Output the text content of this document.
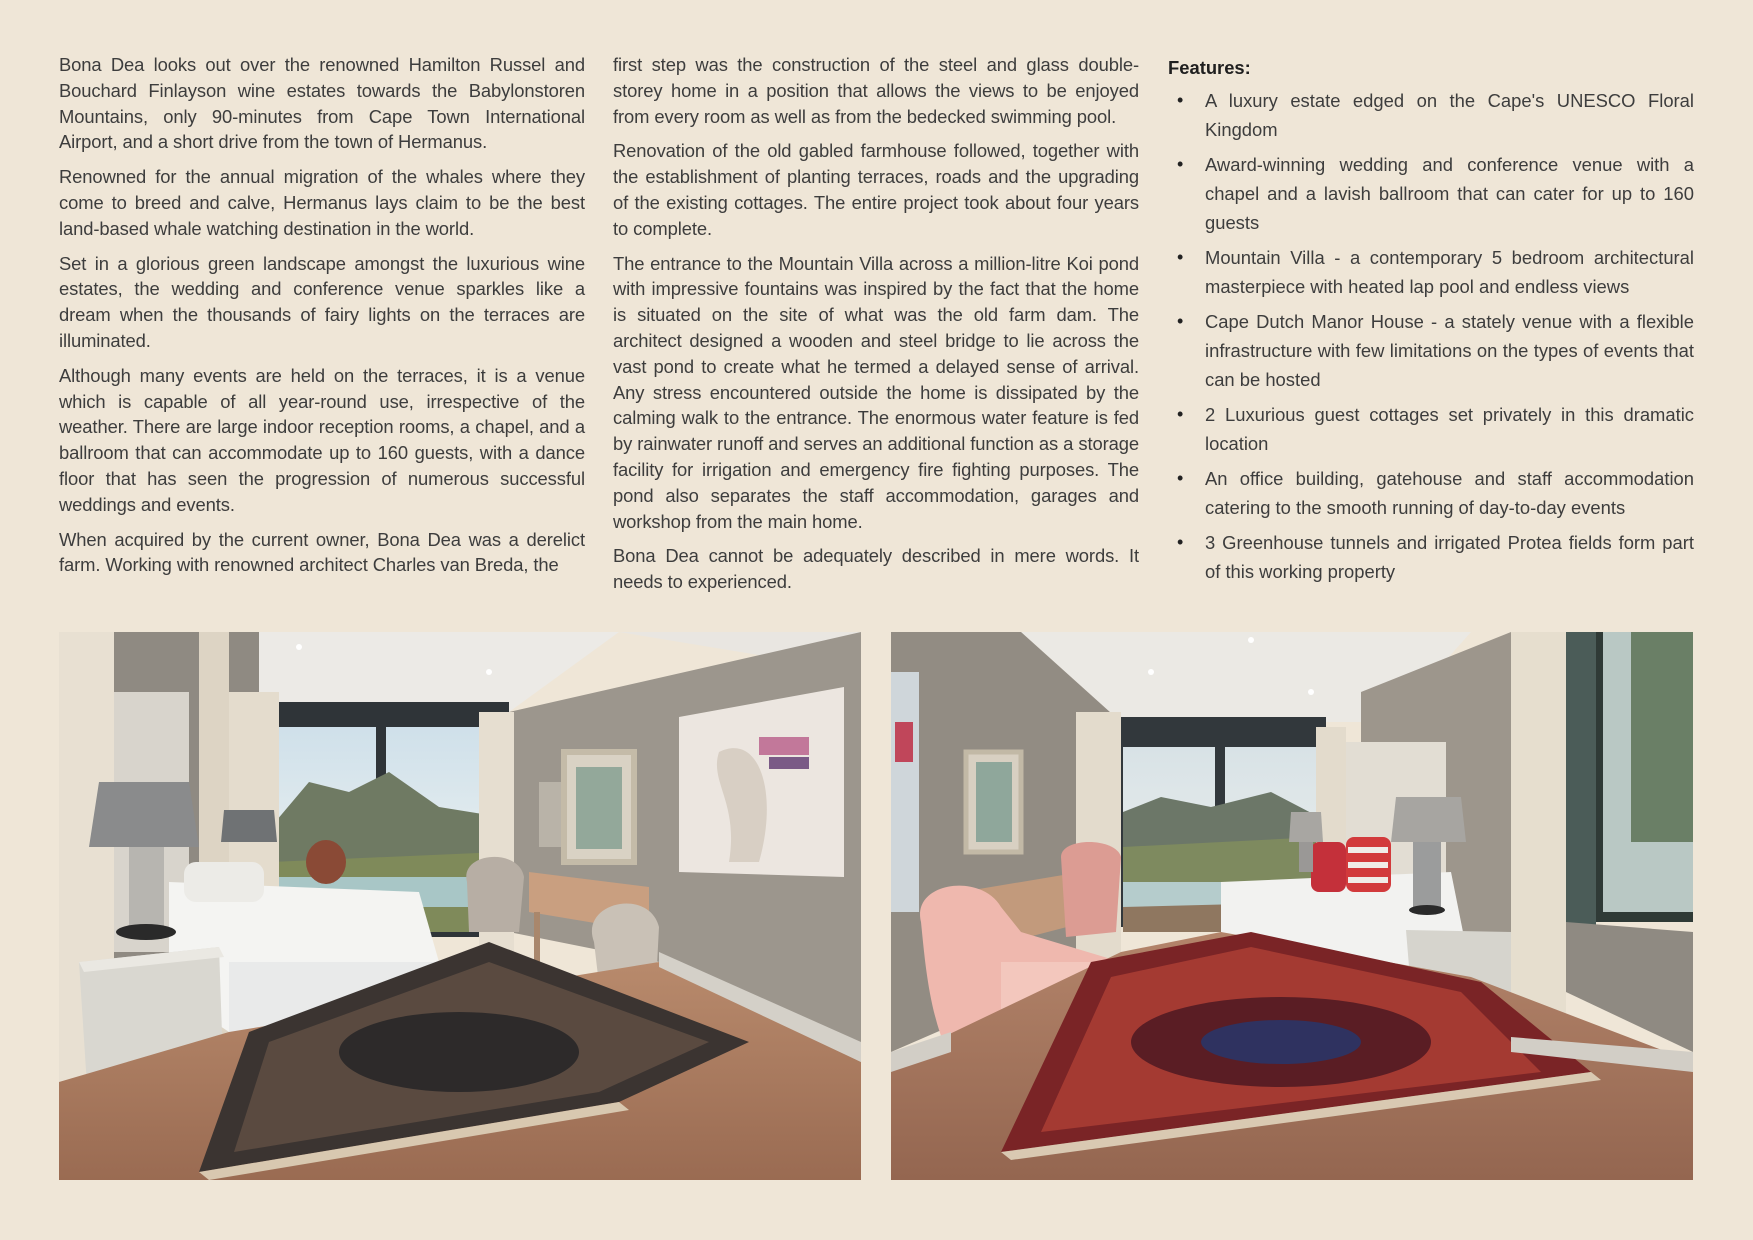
Bona Dea looks out over the renowned Hamilton Russel and Bouchard Finlayson wine estates towards the Babylonstoren Mountains, only 90-minutes from Cape Town International Airport, and a short drive from the town of Hermanus.

Renowned for the annual migration of the whales where they come to breed and calve, Hermanus lays claim to be the best land-based whale watching destination in the world.

Set in a glorious green landscape amongst the luxurious wine estates, the wedding and conference venue sparkles like a dream when the thousands of fairy lights on the terraces are illuminated.

Although many events are held on the terraces, it is a venue which is capable of all year-round use, irrespective of the weather. There are large indoor reception rooms, a chapel, and a ballroom that can accommodate up to 160 guests, with a dance floor that has seen the progression of numerous successful weddings and events.

When acquired by the current owner, Bona Dea was a derelict farm. Working with renowned architect Charles van Breda, the

first step was the construction of the steel and glass double-storey home in a position that allows the views to be enjoyed from every room as well as from the bedecked swimming pool.

Renovation of the old gabled farmhouse followed, together with the establishment of planting terraces, roads and the upgrading of the existing cottages. The entire project took about four years to complete.

The entrance to the Mountain Villa across a million-litre Koi pond with impressive fountains was inspired by the fact that the home is situated on the site of what was the old farm dam. The architect designed a wooden and steel bridge to lie across the vast pond to create what he termed a delayed sense of arrival. Any stress encountered outside the home is dissipated by the calming walk to the entrance. The enormous water feature is fed by rainwater runoff and serves an additional function as a storage facility for irrigation and emergency fire fighting purposes. The pond also separates the staff accommodation, garages and workshop from the main home.

Bona Dea cannot be adequately described in mere words. It needs to experienced.

Features:
• A luxury estate edged on the Cape's UNESCO Floral Kingdom
• Award-winning wedding and conference venue with a chapel and a lavish ballroom that can cater for up to 160 guests
• Mountain Villa - a contemporary 5 bedroom architectural masterpiece with heated lap pool and endless views
• Cape Dutch Manor House - a stately venue with a flexible infrastructure with few limitations on the types of events that can be hosted
• 2 Luxurious guest cottages set privately in this dramatic location
• An office building, gatehouse and staff accommodation catering to the smooth running of day-to-day events
• 3 Greenhouse tunnels and irrigated Protea fields form part of this working property
